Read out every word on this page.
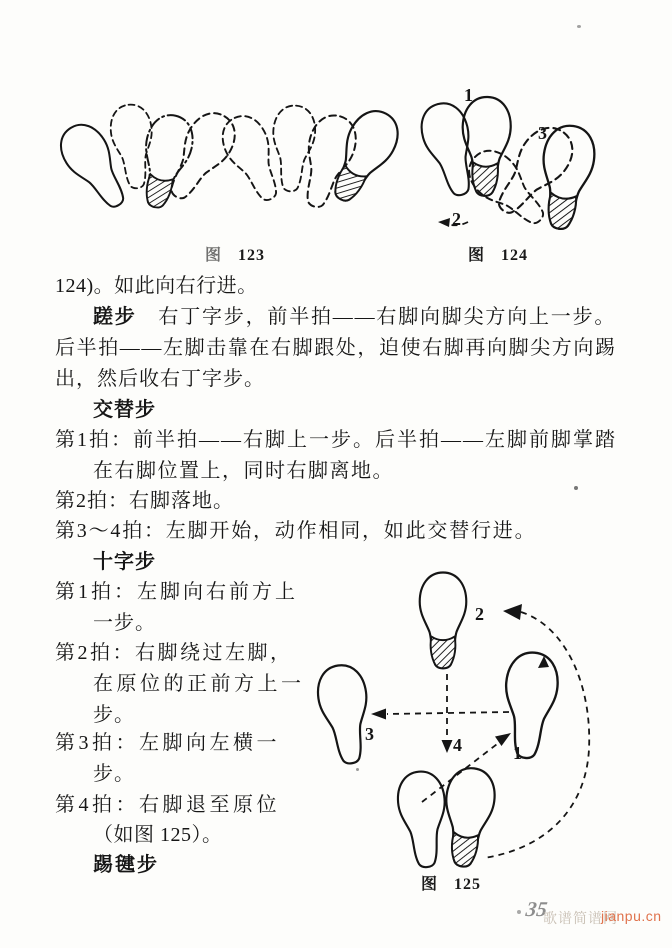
1
3
2
2
3
4	1
图 123	图 124
图 125
124)。如此向右行进。
蹉步　右丁字步，前半拍——右脚向脚尖方向上一步。
后半拍——左脚击靠在右脚跟处，迫使右脚再向脚尖方向踢
出，然后收右丁字步。
交替步
第1拍：前半拍——右脚上一步。后半拍——左脚前脚掌踏
在右脚位置上，同时右脚离地。
第2拍：右脚落地。
第3～4拍：左脚开始，动作相同，如此交替行进。
十字步
第1拍：左脚向右前方上
一步。
第2拍：右脚绕过左脚，
在原位的正前方上一
步。
第3拍：左脚向左横一
步。
第4拍：右脚退至原位
（如图 125）。
踢毽步
35
歌谱简谱网
jianpu.cn
